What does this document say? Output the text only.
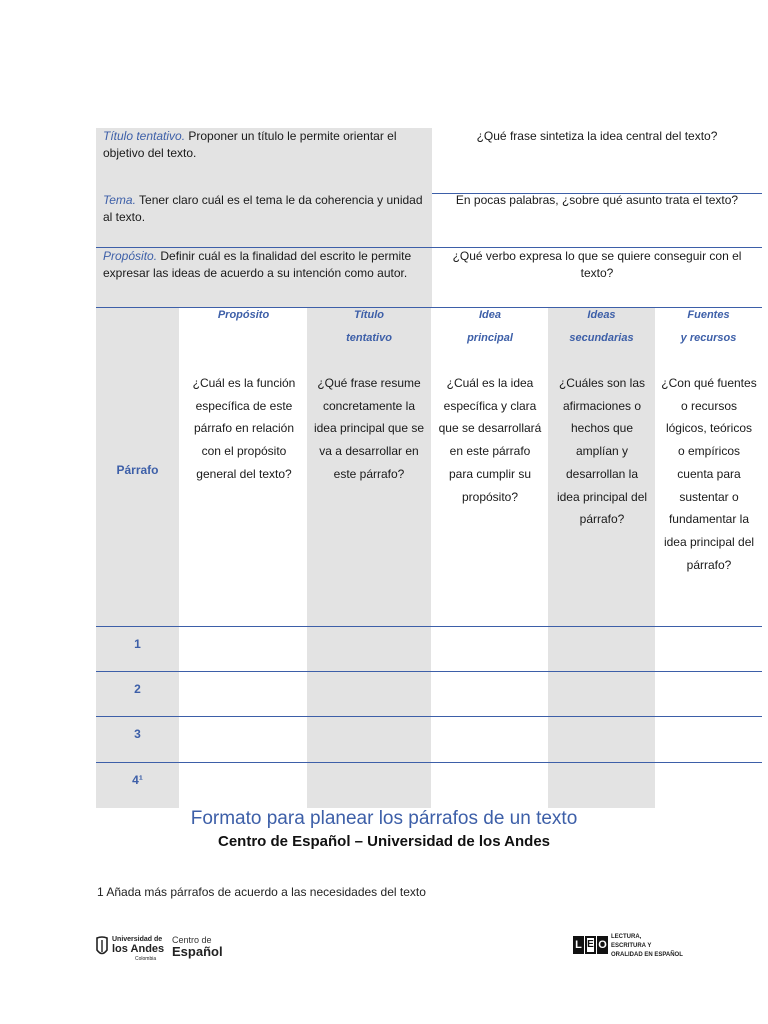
Título tentativo. Proponer un título le permite orientar el objetivo del texto.
¿Qué frase sintetiza la idea central del texto?
Tema. Tener claro cuál es el tema le da coherencia y unidad al texto.
En pocas palabras, ¿sobre qué asunto trata el texto?
Propósito. Definir cuál es la finalidad del escrito le permite expresar las ideas de acuerdo a su intención como autor.
¿Qué verbo expresa lo que se quiere conseguir con el texto?
Propósito	Título
tentativo
Idea
principal
Ideas
secundarias
Fuentes
y recursos
Párrafo
¿Cuál es la función específica de este párrafo en relación con el propósito general del texto?
¿Qué frase resume concretamente la idea principal que se va a desarrollar en este párrafo?
¿Cuál es la idea específica y clara que se desarrollará en este párrafo para cumplir su propósito?
¿Cuáles son las afirmaciones o hechos que amplían y desarrollan la idea principal del párrafo?
¿Con qué fuentes o recursos lógicos, teóricos o empíricos cuenta para sustentar o fundamentar la idea principal del párrafo?
1
2
3
4¹
Formato para planear los párrafos de un texto
Centro de Español – Universidad de los Andes
1 Añada más párrafos de acuerdo a las necesidades del texto
Universidad de
los Andes
Colombia
Centro de
Español	L E O
LECTURA,
ESCRITURA Y
ORALIDAD EN ESPAÑOL
